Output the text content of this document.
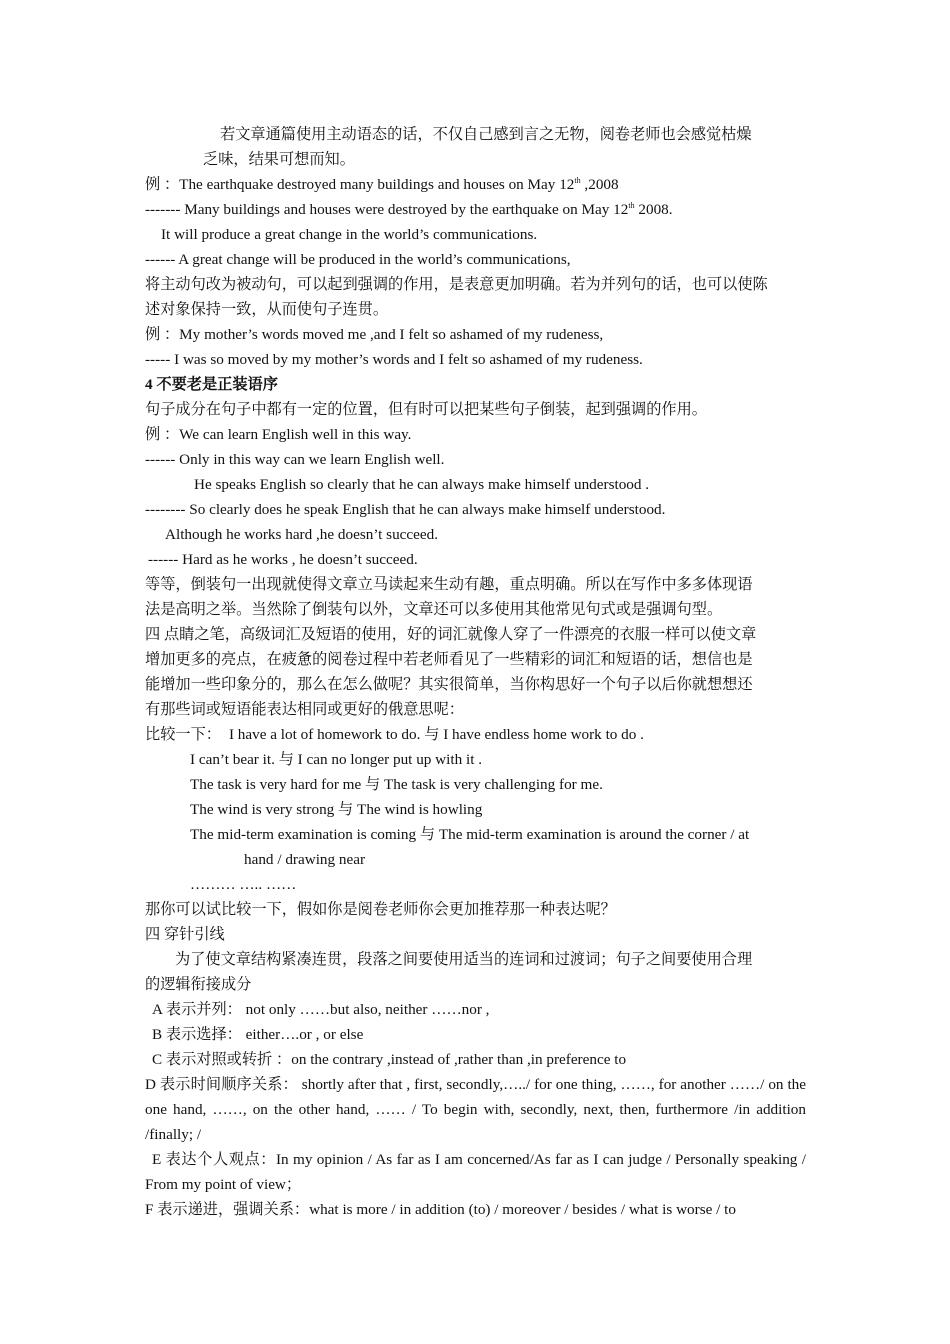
若文章通篇使用主动语态的话，不仅自己感到言之无物，阅卷老师也会感觉枯燥
乏味，结果可想而知。
例 ：The earthquake destroyed many buildings and houses on May 12th ,2008
------- Many buildings and houses were destroyed by the earthquake on May 12th 2008.
It will produce a great change in the world’s communications.
------ A great change will be produced in the world’s communications,
将主动句改为被动句，可以起到强调的作用，是表意更加明确。若为并列句的话，也可以使陈
述对象保持一致，从而使句子连贯。
例 ：My mother’s words moved me ,and I felt so ashamed of my rudeness,
----- I was so moved by my mother’s words and I felt so ashamed of my rudeness.
4 不要老是正装语序
句子成分在句子中都有一定的位置，但有时可以把某些句子倒装，起到强调的作用。
例 ：We can learn English well in this way.
------ Only in this way can we learn English well.
He speaks English so clearly that he can always make himself understood .
-------- So clearly does he speak English that he can always make himself understood.
Although he works hard ,he doesn’t succeed.
------ Hard as he works , he doesn’t succeed.
等等，倒装句一出现就使得文章立马读起来生动有趣，重点明确。所以在写作中多多体现语
法是高明之举。当然除了倒装句以外，文章还可以多使用其他常见句式或是强调句型。
四 点睛之笔，高级词汇及短语的使用，好的词汇就像人穿了一件漂亮的衣服一样可以使文章
增加更多的亮点，在疲惫的阅卷过程中若老师看见了一些精彩的词汇和短语的话，想信也是
能增加一些印象分的，那么在怎么做呢？其实很简单，当你构思好一个句子以后你就想想还
有那些词或短语能表达相同或更好的俄意思呢：
比较一下： I have a lot of homework to do. 与 I have endless home work to do .
I can’t bear it. 与 I can no longer put up with it .
The task is very hard for me 与 The task is very challenging for me.
The wind is very strong 与 The wind is howling
The mid-term examination is coming 与 The mid-term examination is around the corner / at
hand / drawing near
……… ….. ……
那你可以试比较一下，假如你是阅卷老师你会更加推荐那一种表达呢？
四 穿针引线
为了使文章结构紧凑连贯，段落之间要使用适当的连词和过渡词；句子之间要使用合理
的逻辑衔接成分
A 表示并列： not only ……but also, neither ……nor ,
B 表示选择： either….or , or else
C 表示对照或转折 ：on the contrary ,instead of ,rather than ,in preference to
D 表示时间顺序关系： shortly after that , first, secondly,…../ for one thing, ……, for another ……/ on the one hand, ……, on the other hand, …… / To begin with, secondly, next, then, furthermore /in addition /finally; /
E 表达个人观点：In my opinion / As far as I am concerned/As far as I can judge / Personally speaking / From my point of view；
F 表示递进，强调关系：what is more / in addition (to) / moreover / besides / what is worse / to
